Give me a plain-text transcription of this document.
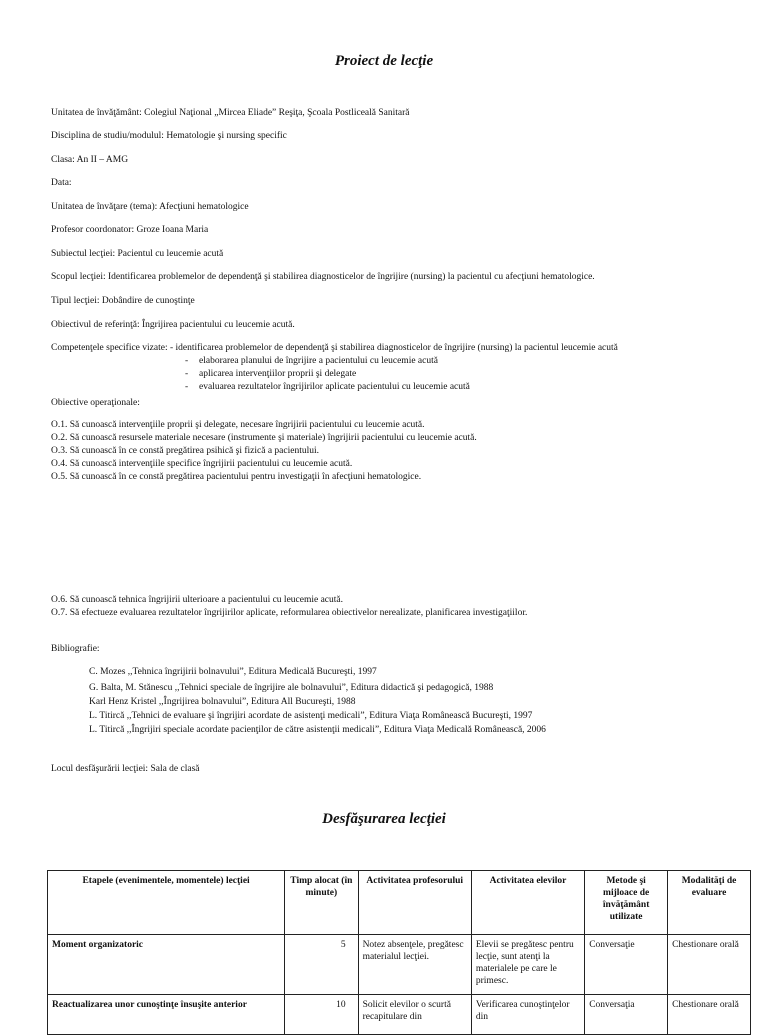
Proiect de lecţie
Unitatea de învăţământ: Colegiul Naţional „Mircea Eliade” Reşiţa, Şcoala Postliceală Sanitară
Disciplina de studiu/modulul: Hematologie şi nursing specific
Clasa: An II – AMG
Data:
Unitatea de învăţare (tema): Afecţiuni hematologice
Profesor coordonator: Groze Ioana Maria
Subiectul lecţiei: Pacientul cu leucemie acută
Scopul lecţiei: Identificarea problemelor de dependenţă şi stabilirea diagnosticelor de îngrijire (nursing) la pacientul cu afecţiuni hematologice.
Tipul lecţiei: Dobândire de cunoştinţe
Obiectivul de referinţă: Îngrijirea pacientului cu leucemie acută.
Competenţele specifice vizate: - identificarea problemelor de dependenţă şi stabilirea diagnosticelor de îngrijire (nursing) la pacientul leucemie acută
- elaborarea planului de îngrijire a pacientului cu leucemie acută
- aplicarea intervenţiilor proprii şi delegate
- evaluarea rezultatelor îngrijirilor aplicate pacientului cu leucemie acută
Obiective operaţionale:
O.1. Să cunoască intervenţiile proprii şi delegate, necesare îngrijirii pacientului cu leucemie acută.
O.2. Să cunoască resursele materiale necesare (instrumente şi materiale) îngrijirii pacientului cu leucemie acută.
O.3. Să cunoască în ce constă pregătirea psihică şi fizică a pacientului.
O.4. Să cunoască intervenţiile specifice îngrijirii pacientului cu leucemie acută.
O.5. Să cunoască în ce constă pregătirea pacientului pentru investigaţii în afecţiuni hematologice.
O.6. Să cunoască tehnica îngrijirii ulterioare a pacientului cu leucemie acută.
O.7. Să efectueze evaluarea rezultatelor îngrijirilor aplicate, reformularea obiectivelor nerealizate, planificarea investigaţiilor.
Bibliografie:
C. Mozes ,,Tehnica îngrijirii bolnavului”, Editura Medicală Bucureşti, 1997
G. Balta, M. Stănescu ,,Tehnici speciale de îngrijire ale bolnavului”, Editura didactică şi pedagogică, 1988
Karl Henz Kristel ,,Îngrijirea bolnavului”, Editura All Bucureşti, 1988
L. Titircă ,,Tehnici de evaluare şi îngrijiri acordate de asistenţi medicali”, Editura Viaţa Românească Bucureşti, 1997
L. Titircă ,,Îngrijiri speciale acordate pacienţilor de către asistenţii medicali”, Editura Viaţa Medicală Românească, 2006
Locul desfăşurării lecţiei: Sala de clasă
Desfăşurarea lecţiei
Etapele (evenimentele, momentele) lecţiei	Timp alocat (în minute)	Activitatea profesorului	Activitatea elevilor	Metode şi mijloace de învăţământ utilizate	Modalităţi de evaluare
Moment organizatoric	5	Notez absenţele, pregătesc materialul lecţiei.	Elevii se pregătesc pentru lecţie, sunt atenţi la materialele pe care le primesc.	Conversaţie	Chestionare orală
Reactualizarea unor cunoştinţe însuşite anterior	10	Solicit elevilor o scurtă recapitulare din	Verificarea cunoştinţelor din	Conversaţia	Chestionare orală
